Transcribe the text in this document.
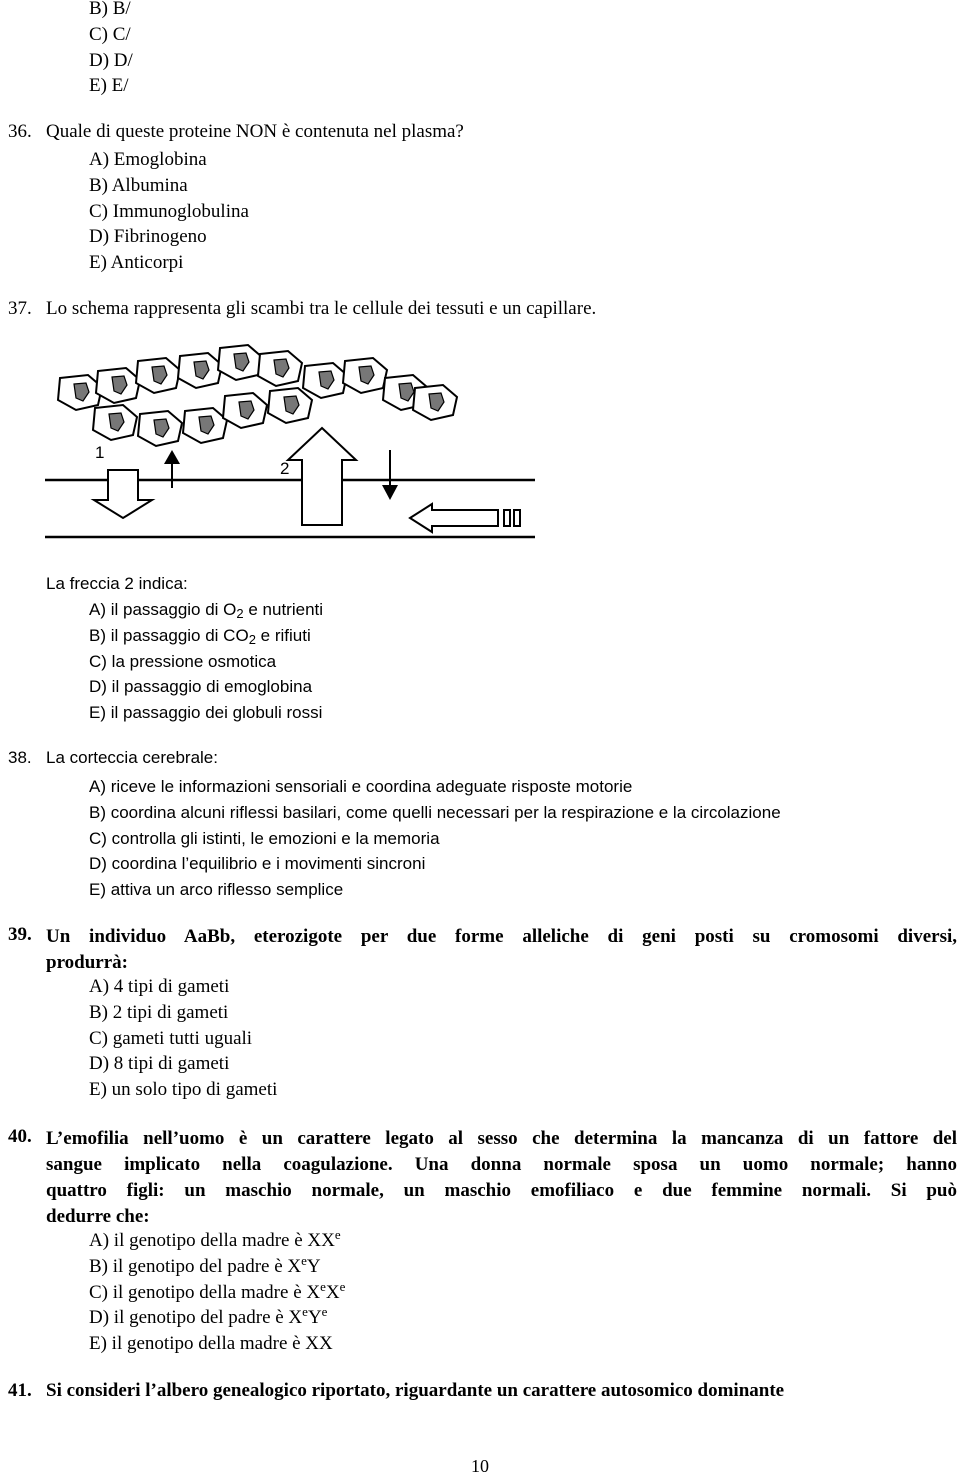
B) B/
C) C/
D) D/
E) E/
36. Quale di queste proteine NON è contenuta nel plasma?
A) Emoglobina
B) Albumina
C) Immunoglobulina
D) Fibrinogeno
E) Anticorpi
37. Lo schema rappresenta gli scambi tra le cellule dei tessuti e un capillare.
1
2
La freccia 2 indica:
A) il passaggio di $O_2$ e nutrienti
B) il passaggio di $CO_2$ e rifiuti
C) la pressione osmotica
D) il passaggio di emoglobina
E) il passaggio dei globuli rossi
38. La corteccia cerebrale:
A) riceve le informazioni sensoriali e coordina adeguate risposte motorie
B) coordina alcuni riflessi basilari, come quelli necessari per la respirazione e la circolazione
C) controlla gli istinti, le emozioni e la memoria
D) coordina l’equilibrio e i movimenti sincroni
E) attiva un arco riflesso semplice
39. Un individuo AaBb, eterozigote per due forme alleliche di geni posti su cromosomi diversi,
produrrà:
A) 4 tipi di gameti
B) 2 tipi di gameti
C) gameti tutti uguali
D) 8 tipi di gameti
E) un solo tipo di gameti
40. L’emofilia nell’uomo è un carattere legato al sesso che determina la mancanza di un fattore del
sangue implicato nella coagulazione. Una donna normale sposa un uomo normale; hanno
quattro figli: un maschio normale, un maschio emofiliaco e due femmine normali. Si può
dedurre che:
A) il genotipo della madre è XXe
B) il genotipo del padre è XeY
C) il genotipo della madre è XeXe
D) il genotipo del padre è $XeY^e$
E) il genotipo della madre è XX
41. Si consideri l’albero genealogico riportato, riguardante un carattere autosomico dominante
10
